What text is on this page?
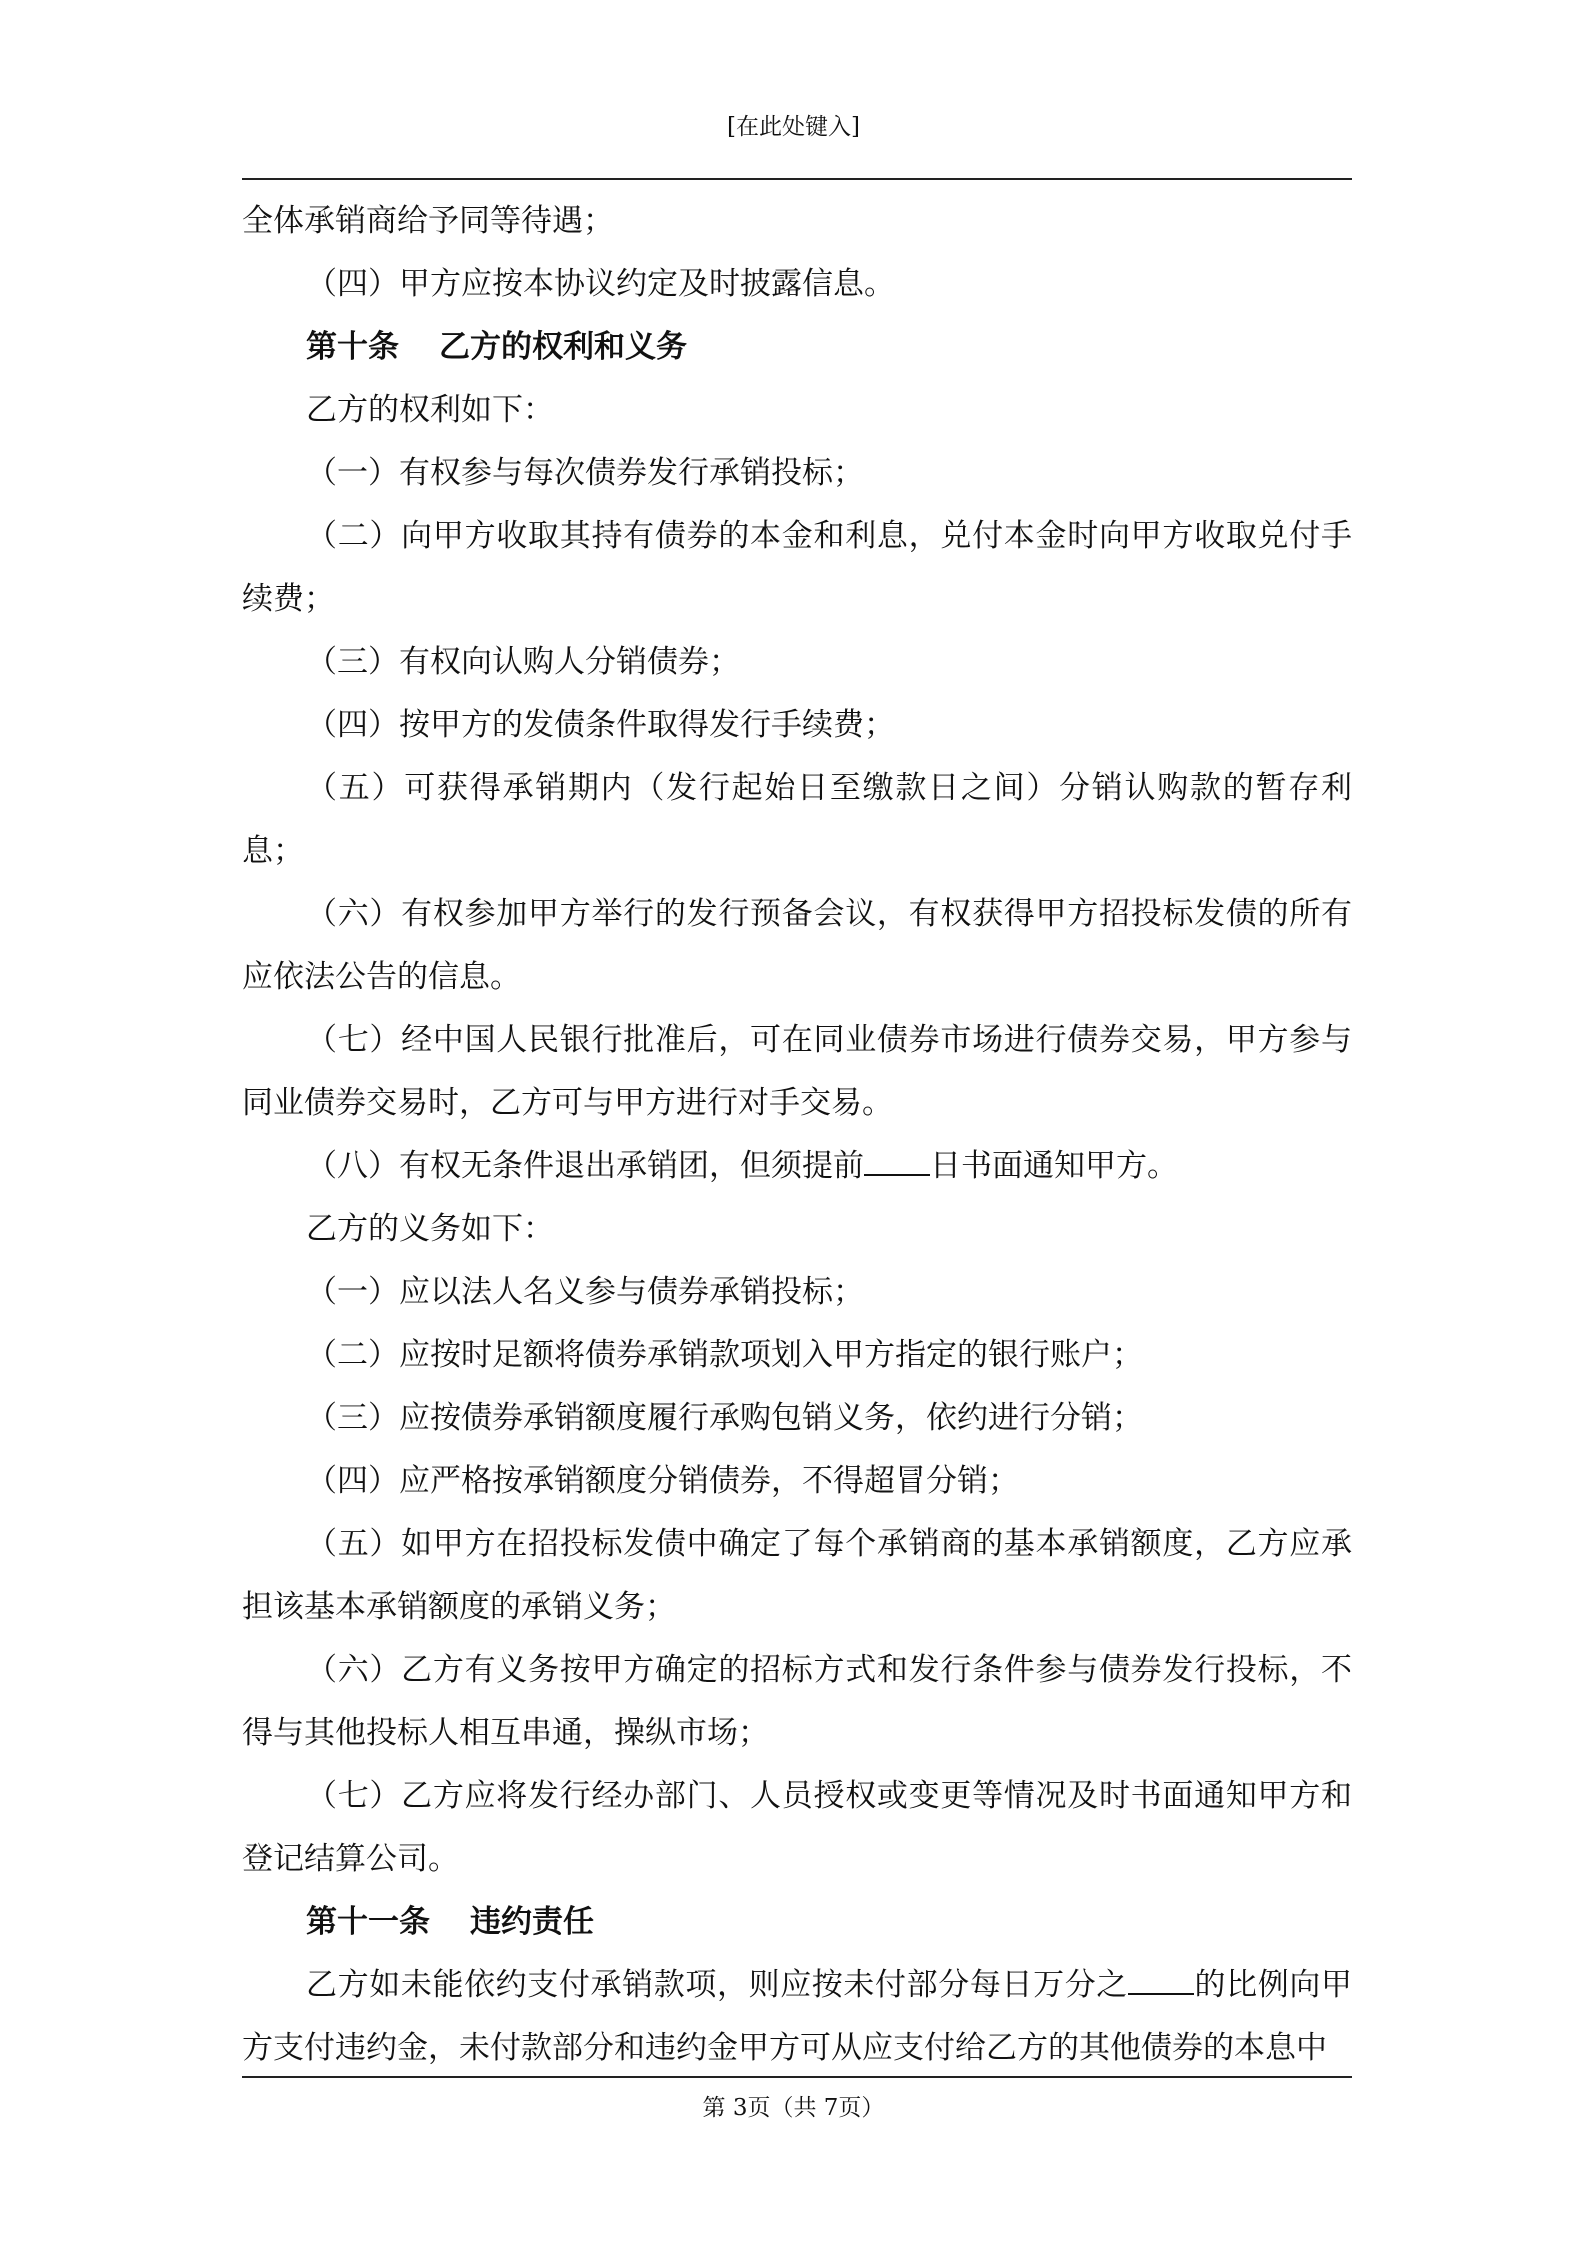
[在此处键入]

全体承销商给予同等待遇；

（四）甲方应按本协议约定及时披露信息。

第十条 乙方的权利和义务

乙方的权利如下：

（一）有权参与每次债券发行承销投标；

（二）向甲方收取其持有债券的本金和利息，兑付本金时向甲方收取兑付手续费；

（三）有权向认购人分销债券；

（四）按甲方的发债条件取得发行手续费；

（五）可获得承销期内（发行起始日至缴款日之间）分销认购款的暂存利息；

（六）有权参加甲方举行的发行预备会议，有权获得甲方招投标发债的所有应依法公告的信息。

（七）经中国人民银行批准后，可在同业债券市场进行债券交易，甲方参与同业债券交易时，乙方可与甲方进行对手交易。

（八）有权无条件退出承销团，但须提前 日书面通知甲方。

乙方的义务如下：

（一）应以法人名义参与债券承销投标；

（二）应按时足额将债券承销款项划入甲方指定的银行账户；

（三）应按债券承销额度履行承购包销义务，依约进行分销；

（四）应严格按承销额度分销债券，不得超冒分销；

（五）如甲方在招投标发债中确定了每个承销商的基本承销额度，乙方应承担该基本承销额度的承销义务；

（六）乙方有义务按甲方确定的招标方式和发行条件参与债券发行投标，不得与其他投标人相互串通，操纵市场；

（七）乙方应将发行经办部门、人员授权或变更等情况及时书面通知甲方和登记结算公司。

第十一条 违约责任

乙方如未能依约支付承销款项，则应按未付部分每日万分之 的比例向甲方支付违约金，未付款部分和违约金甲方可从应支付给乙方的其他债券的本息中

第 3页（共 7页）
